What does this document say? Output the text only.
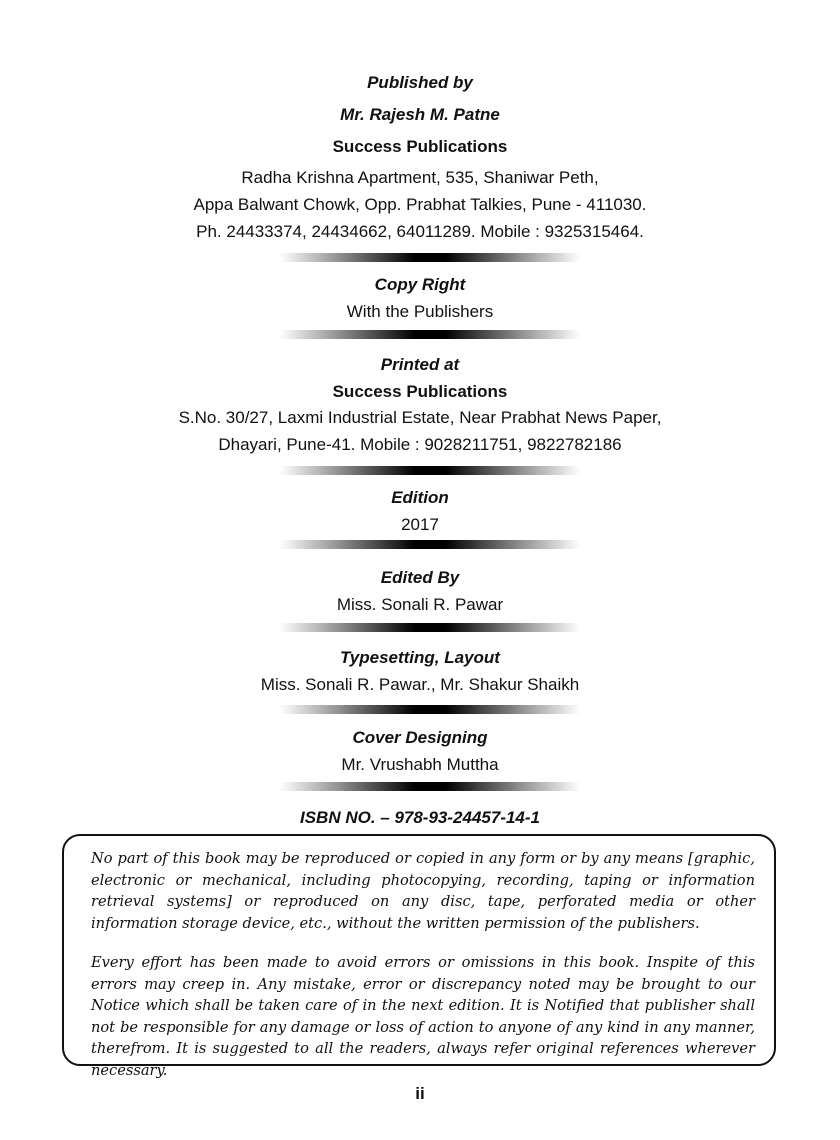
Published by
Mr. Rajesh M. Patne
Success Publications
Radha Krishna Apartment, 535, Shaniwar Peth,
Appa Balwant Chowk, Opp. Prabhat Talkies, Pune - 411030.
Ph. 24433374, 24434662, 64011289. Mobile : 9325315464.
Copy Right
With the Publishers
Printed at
Success Publications
S.No. 30/27, Laxmi Industrial Estate, Near Prabhat News Paper,
Dhayari, Pune-41. Mobile : 9028211751, 9822782186
Edition
2017
Edited By
Miss. Sonali R. Pawar
Typesetting, Layout
Miss. Sonali R. Pawar., Mr. Shakur Shaikh
Cover Designing
Mr. Vrushabh Muttha
ISBN NO. – 978-93-24457-14-1

No part of this book may be reproduced or copied in any form or by any means [graphic, electronic or mechanical, including photocopying, recording, taping or information retrieval systems] or reproduced on any disc, tape, perforated media or other information storage device, etc., without the written permission of the publishers.

Every effort has been made to avoid errors or omissions in this book. Inspite of this errors may creep in. Any mistake, error or discrepancy noted may be brought to our Notice which shall be taken care of in the next edition. It is Notified that publisher shall not be responsible for any damage or loss of action to anyone of any kind in any manner, therefrom. It is suggested to all the readers, always refer original references wherever necessary.

ii
